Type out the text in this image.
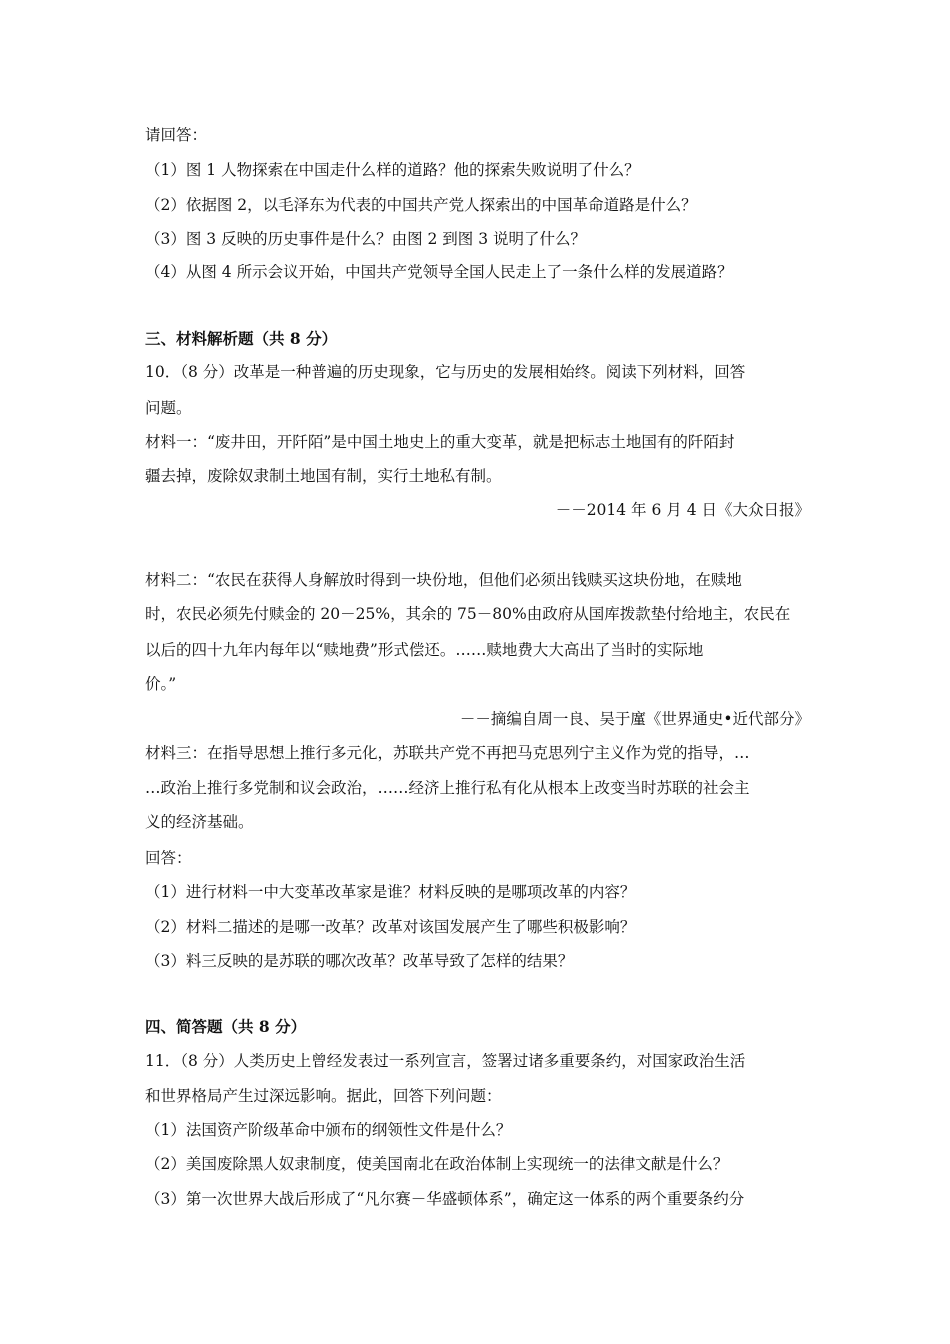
请回答：
（1）图 1 人物探索在中国走什么样的道路？他的探索失败说明了什么？
（2）依据图 2，以毛泽东为代表的中国共产党人探索出的中国革命道路是什么？
（3）图 3 反映的历史事件是什么？由图 2 到图 3 说明了什么？
（4）从图 4 所示会议开始，中国共产党领导全国人民走上了一条什么样的发展道路？
三、材料解析题（共 8 分）
10．（8 分）改革是一种普遍的历史现象，它与历史的发展相始终。阅读下列材料，回答
问题。
材料一：“废井田，开阡陌”是中国土地史上的重大变革，就是把标志土地国有的阡陌封
疆去掉，废除奴隶制土地国有制，实行土地私有制。
－－2014 年 6 月 4 日《大众日报》
材料二：“农民在获得人身解放时得到一块份地，但他们必须出钱赎买这块份地，在赎地
时，农民必须先付赎金的 20－25%，其余的 75－80%由政府从国库拨款垫付给地主，农民在
以后的四十九年内每年以“赎地费”形式偿还。……赎地费大大高出了当时的实际地
价。”
－－摘编自周一良、吴于廑《世界通史•近代部分》
材料三：在指导思想上推行多元化，苏联共产党不再把马克思列宁主义作为党的指导，…
…政治上推行多党制和议会政治，……经济上推行私有化从根本上改变当时苏联的社会主
义的经济基础。
回答：
（1）进行材料一中大变革改革家是谁？材料反映的是哪项改革的内容？
（2）材料二描述的是哪一改革？改革对该国发展产生了哪些积极影响？
（3）料三反映的是苏联的哪次改革？改革导致了怎样的结果？
四、简答题（共 8 分）
11．（8 分）人类历史上曾经发表过一系列宣言，签署过诸多重要条约，对国家政治生活
和世界格局产生过深远影响。据此，回答下列问题：
（1）法国资产阶级革命中颁布的纲领性文件是什么？
（2）美国废除黑人奴隶制度，使美国南北在政治体制上实现统一的法律文献是什么？
（3）第一次世界大战后形成了“凡尔赛－华盛顿体系”，确定这一体系的两个重要条约分
